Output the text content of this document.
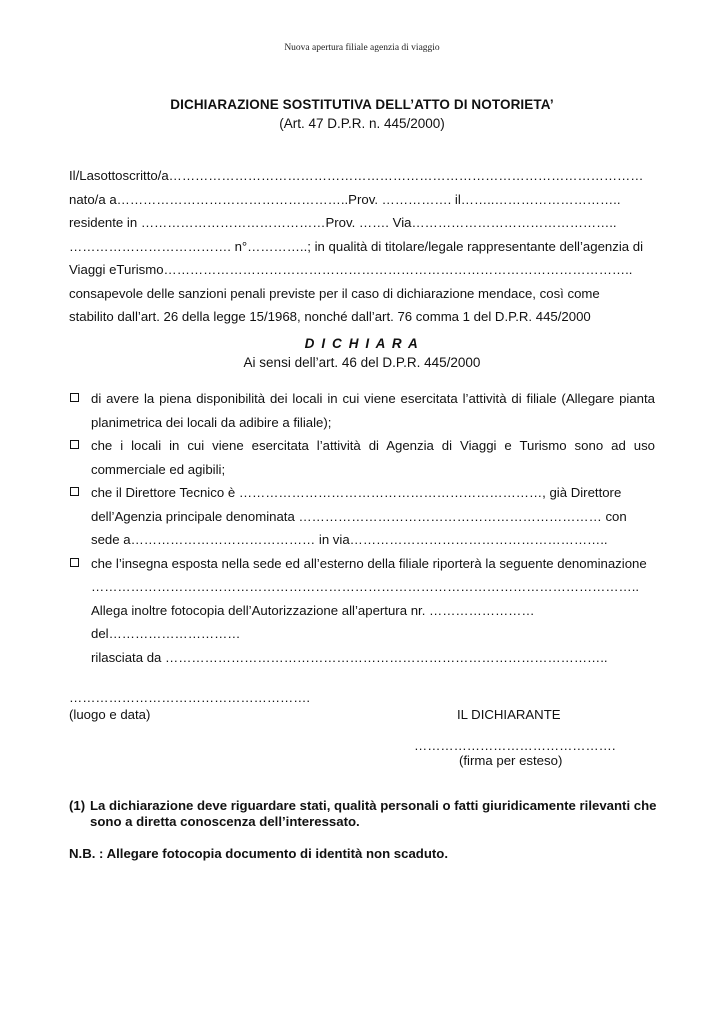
Nuova apertura filiale agenzia di viaggio
DICHIARAZIONE SOSTITUTIVA DELL’ATTO DI NOTORIETA’
(Art. 47 D.P.R. n. 445/2000)
Il/Lasottoscritto/a………………………………………………………………………………………………
nato/a a……………………………………………..Prov. ……………. il……..………………………..
residente in ……………………………………Prov. ……. Via………………………………………..
………………………………. n°…………..; in qualità di titolare/legale rappresentante dell’agenzia di
Viaggi eTurismo……………………………………………………………………………………………..
consapevole delle sanzioni penali previste per il caso di dichiarazione mendace, così come
stabilito dall’art. 26 della legge 15/1968, nonché dall’art. 76 comma 1 del D.P.R. 445/2000
D I C H I A R A
Ai sensi dell’art. 46 del D.P.R. 445/2000
di avere la piena disponibilità dei locali in cui viene esercitata l’attività di filiale (Allegare pianta planimetrica dei locali da adibire a filiale);
che i locali in cui viene esercitata l’attività di Agenzia di Viaggi e Turismo sono ad uso commerciale ed agibili;
che il Direttore Tecnico è ……………………………………………………………, già Direttore
dell’Agenzia principale denominata …………………………………………………………… con
sede a…………………………………… in via…………………………………………………..
che l’insegna esposta nella sede ed all’esterno della filiale riporterà la seguente denominazione
……………………………………………………………………………………………………………..
Allega inoltre fotocopia dell’Autorizzazione all’apertura nr. ……………………
del…………………………
rilasciata da ………………………………………………………………………………………..
……………………………………………….
(luogo e data)	IL DICHIARANTE
……………………………………….
(firma per esteso)
(1) La dichiarazione deve riguardare stati, qualità personali o fatti giuridicamente rilevanti che sono a diretta conoscenza dell’interessato.
N.B. : Allegare fotocopia documento di identità non scaduto.
